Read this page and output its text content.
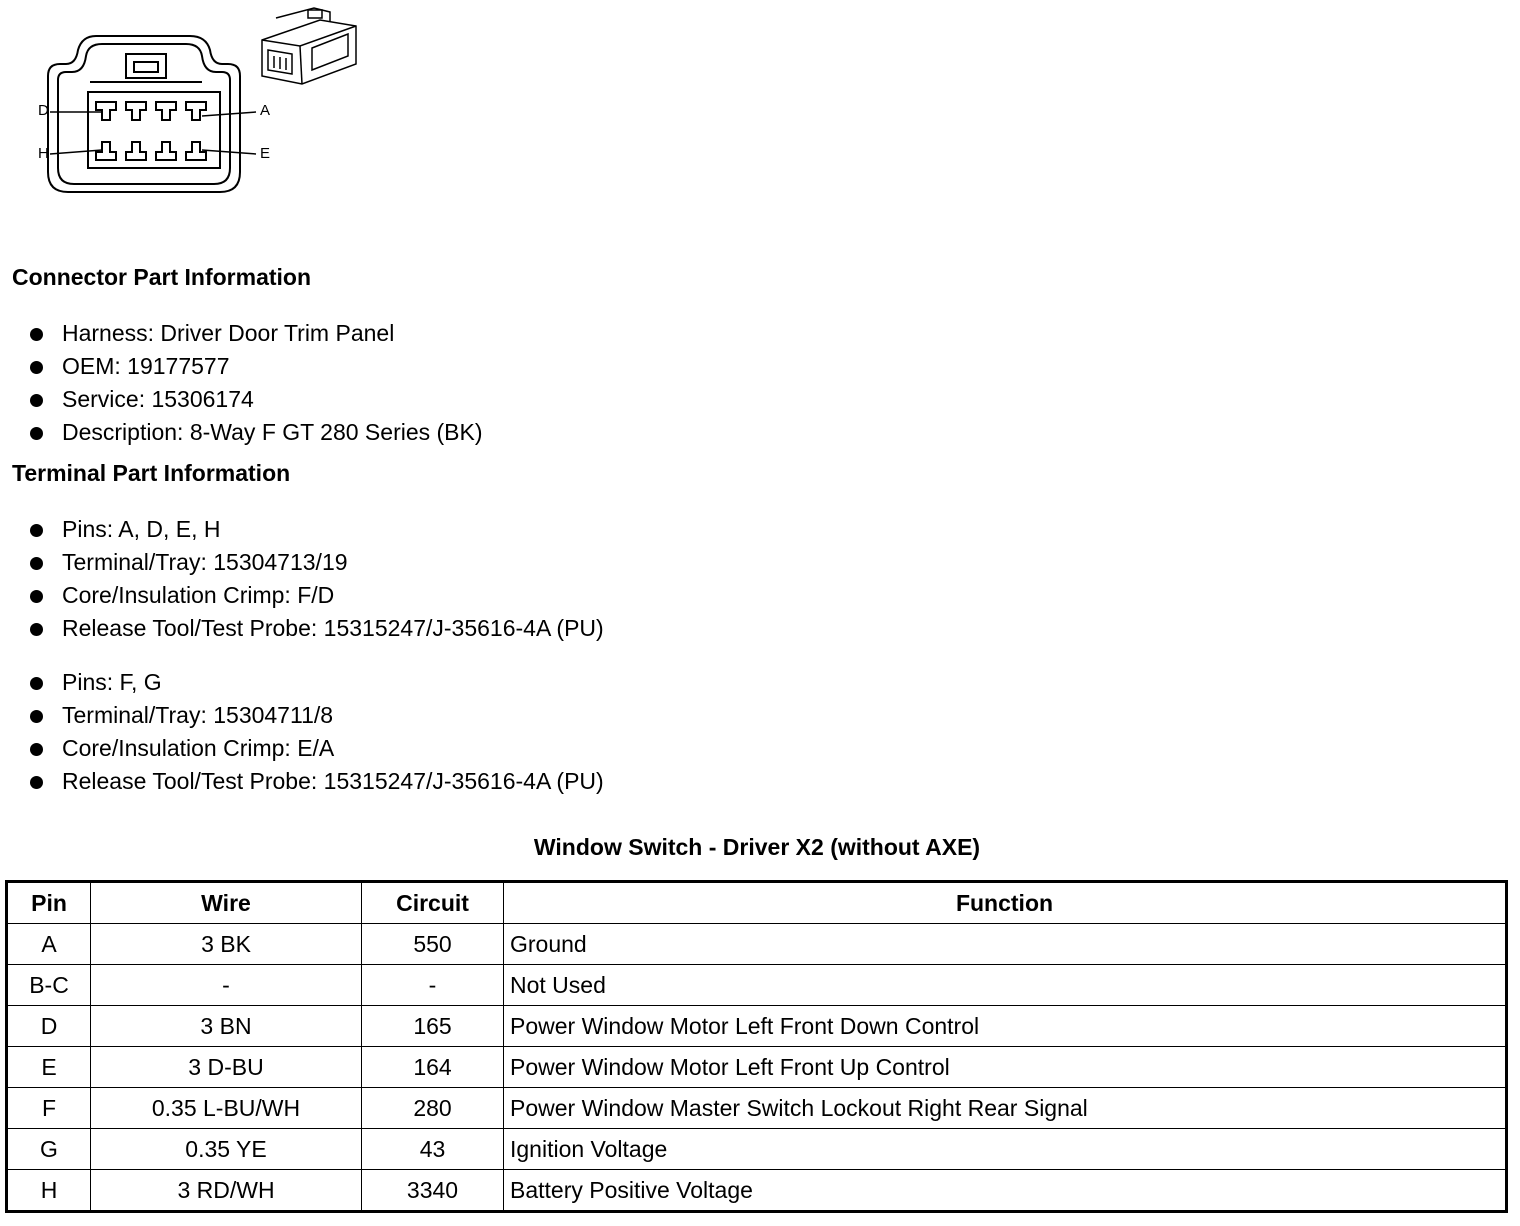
D	A
H	E
Connector Part Information
Harness: Driver Door Trim Panel
OEM: 19177577
Service: 15306174
Description: 8-Way F GT 280 Series (BK)
Terminal Part Information
Pins: A, D, E, H
Terminal/Tray: 15304713/19
Core/Insulation Crimp: F/D
Release Tool/Test Probe: 15315247/J-35616-4A (PU)
Pins: F, G
Terminal/Tray: 15304711/8
Core/Insulation Crimp: E/A
Release Tool/Test Probe: 15315247/J-35616-4A (PU)
Window Switch - Driver X2 (without AXE)
Pin	Wire	Circuit	Function
A	3 BK	550	Ground
B-C	-	-	Not Used
D	3 BN	165	Power Window Motor Left Front Down Control
E	3 D-BU	164	Power Window Motor Left Front Up Control
F	0.35 L-BU/WH	280	Power Window Master Switch Lockout Right Rear Signal
G	0.35 YE	43	Ignition Voltage
H	3 RD/WH	3340	Battery Positive Voltage
